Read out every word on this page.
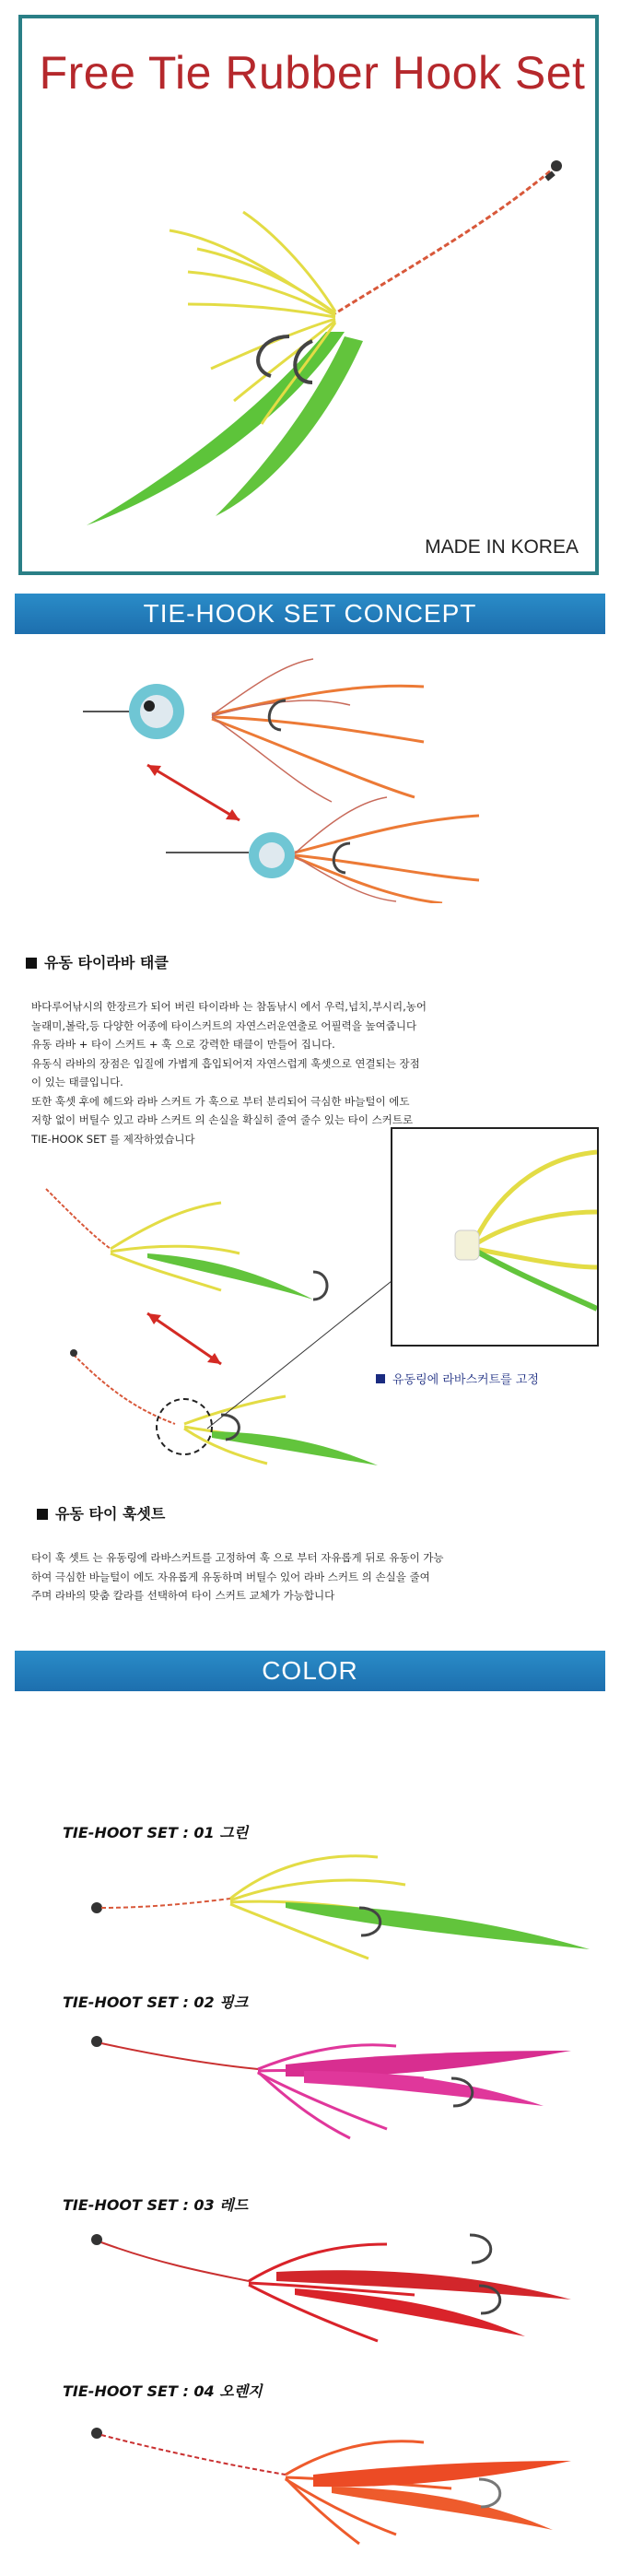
Free Tie Rubber Hook Set
MADE IN KOREA
TIE-HOOK SET CONCEPT
유동 타이라바 태클
바다루어낚시의 한장르가 되어 버린 타이라바 는 참돔낚시 에서 우럭,넙치,부시리,농어
놀래미,볼락,등 다양한 어종에 타이스커트의 자연스러운연출로 어필력을 높여줍니다
유동 라바 + 타이 스커트 + 훅 으로 강력한 태클이 만들어 집니다.
유동식 라바의 장점은 입질에 가볍게 흡입되어져 자연스럽게 훅셋으로 연결되는 장점
이 있는 태클입니다.
또한 훅셋 후에 헤드와 라바 스커트 가 훅으로 부터 분리되어 극심한 바늘털이 에도
저항 없이 버틸수 있고 라바 스커트 의 손실을 확실히 줄여 줄수 있는 타이 스커트로
TIE-HOOK SET 를 제작하였습니다
유동링에 라바스커트를 고정
유동 타이 훅셋트
타이 훅 셋트 는 유동링에 라바스커트를 고정하여 훅 으로 부터 자유롭게 뒤로 유동이 가능
하여 극심한 바늘털이 에도 자유롭게 유동하며 버틸수 있어 라바 스커트 의 손실을 줄여
주며 라바의 맞춤 칼라를 선택하여 타이 스커트 교체가 가능합니다
COLOR
TIE-HOOT SET : 01 그린
TIE-HOOT SET : 02 핑크
TIE-HOOT SET : 03 레드
TIE-HOOT SET : 04 오렌지
